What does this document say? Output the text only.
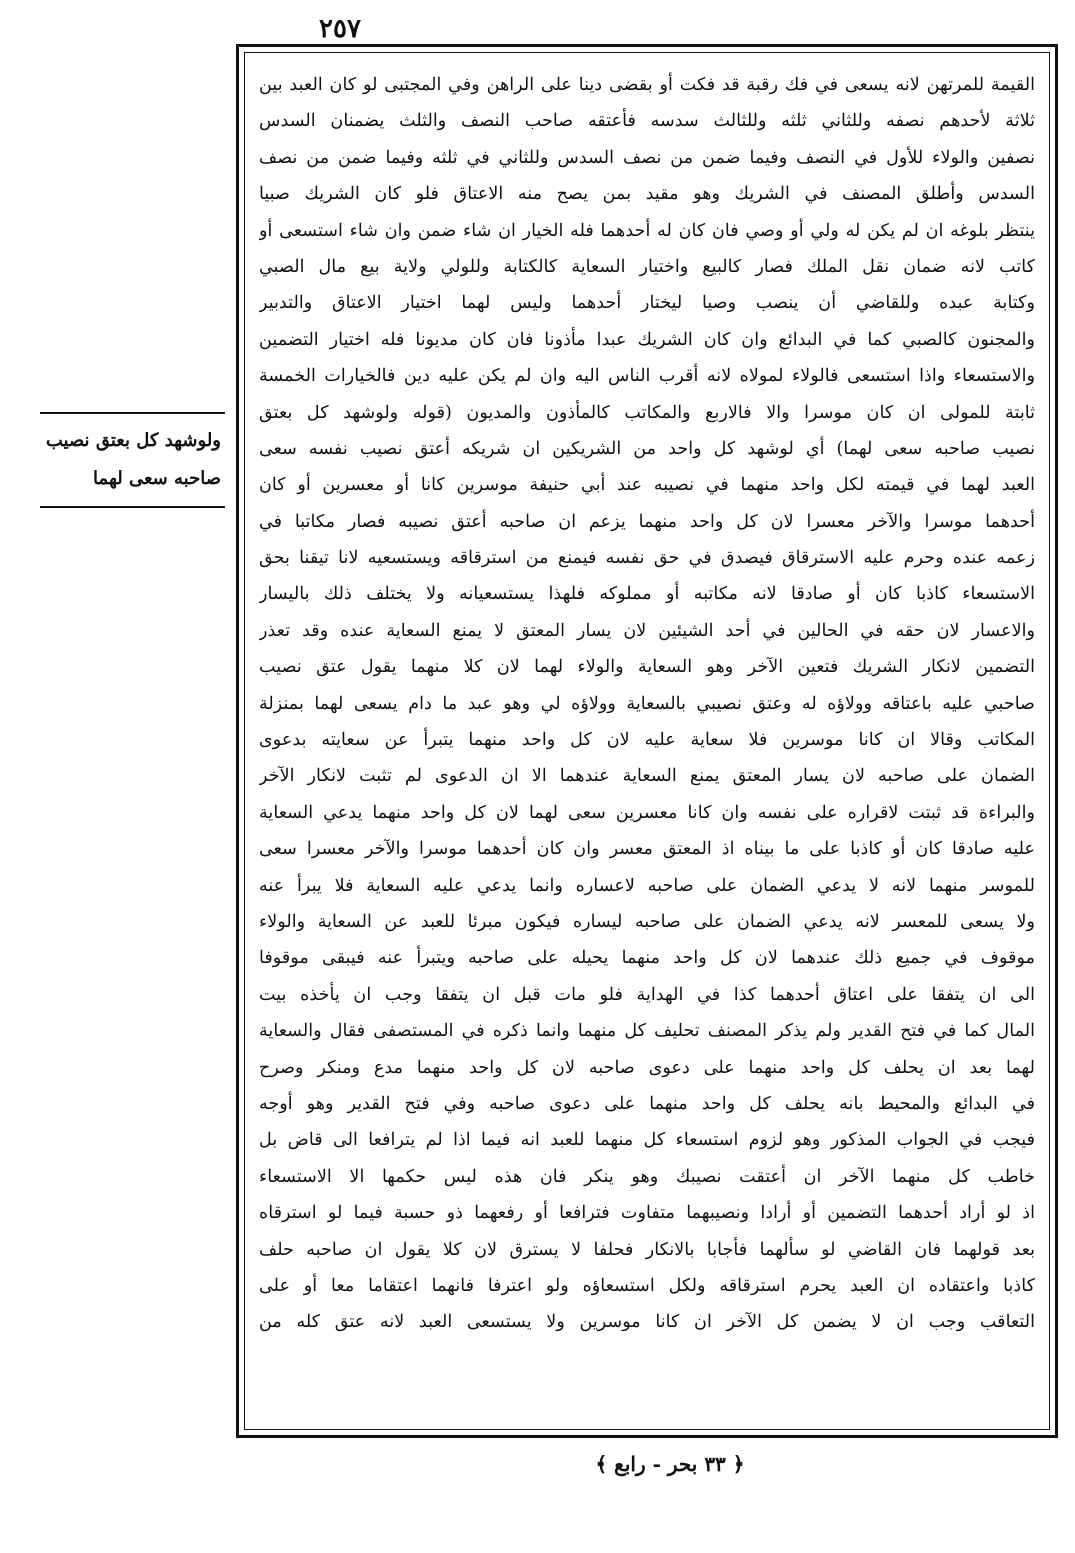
٢٥٧
ولوشهد كل بعتق نصيب
صاحبه سعى لهما
القيمة للمرتهن لانه يسعى في فك رقبة قد فكت أو بقضى دينا على الراهن وفي المجتبى لو كان العبد بين
ثلاثة لأحدهم نصفه وللثاني ثلثه وللثالث سدسه فأعتقه صاحب النصف والثلث يضمنان السدس
نصفين والولاء للأول في النصف وفيما ضمن من نصف السدس وللثاني في ثلثه وفيما ضمن من نصف
السدس وأطلق المصنف في الشريك وهو مقيد بمن يصح منه الاعتاق فلو كان الشريك صبيا
ينتظر بلوغه ان لم يكن له ولي أو وصي فان كان له أحدهما فله الخيار ان شاء ضمن وان شاء استسعى أو
كاتب لانه ضمان نقل الملك فصار كالبيع واختيار السعاية كالكتابة وللولي ولاية بيع مال الصبي
وكتابة عبده وللقاضي أن ينصب وصيا ليختار أحدهما وليس لهما اختيار الاعتاق والتدبير
والمجنون كالصبي كما في البدائع وان كان الشريك عبدا مأذونا فان كان مديونا فله اختيار التضمين
والاستسعاء واذا استسعى فالولاء لمولاه لانه أقرب الناس اليه وان لم يكن عليه دين فالخيارات الخمسة
ثابتة للمولى ان كان موسرا والا فالاربع والمكاتب كالمأذون والمديون (قوله ولوشهد كل بعتق
نصيب صاحبه سعى لهما) أي لوشهد كل واحد من الشريكين ان شريكه أعتق نصيب نفسه سعى
العبد لهما في قيمته لكل واحد منهما في نصيبه عند أبي حنيفة موسرين كانا أو معسرين أو كان
أحدهما موسرا والآخر معسرا لان كل واحد منهما يزعم ان صاحبه أعتق نصيبه فصار مكاتبا في
زعمه عنده وحرم عليه الاسترقاق فيصدق في حق نفسه فيمنع من استرقاقه ويستسعيه لانا تيقنا بحق
الاستسعاء كاذبا كان أو صادقا لانه مكاتبه أو مملوكه فلهذا يستسعيانه ولا يختلف ذلك باليسار
والاعسار لان حقه في الحالين في أحد الشيئين لان يسار المعتق لا يمنع السعاية عنده وقد تعذر
التضمين لانكار الشريك فتعين الآخر وهو السعاية والولاء لهما لان كلا منهما يقول عتق نصيب
صاحبي عليه باعتاقه وولاؤه له وعتق نصيبي بالسعاية وولاؤه لي وهو عبد ما دام يسعى لهما بمنزلة
المكاتب وقالا ان كانا موسرين فلا سعاية عليه لان كل واحد منهما يتبرأ عن سعايته بدعوى
الضمان على صاحبه لان يسار المعتق يمنع السعاية عندهما الا ان الدعوى لم تثبت لانكار الآخر
والبراءة قد ثبتت لاقراره على نفسه وان كانا معسرين سعى لهما لان كل واحد منهما يدعي السعاية
عليه صادقا كان أو كاذبا على ما بيناه اذ المعتق معسر وان كان أحدهما موسرا والآخر معسرا سعى
للموسر منهما لانه لا يدعي الضمان على صاحبه لاعساره وانما يدعي عليه السعاية فلا يبرأ عنه
ولا يسعى للمعسر لانه يدعي الضمان على صاحبه ليساره فيكون مبرئا للعبد عن السعاية والولاء
موقوف في جميع ذلك عندهما لان كل واحد منهما يحيله على صاحبه ويتبرأ عنه فيبقى موقوفا
الى ان يتفقا على اعتاق أحدهما كذا في الهداية فلو مات قبل ان يتفقا وجب ان يأخذه بيت
المال كما في فتح القدير ولم يذكر المصنف تحليف كل منهما وانما ذكره في المستصفى فقال والسعاية
لهما بعد ان يحلف كل واحد منهما على دعوى صاحبه لان كل واحد منهما مدع ومنكر وصرح
في البدائع والمحيط بانه يحلف كل واحد منهما على دعوى صاحبه وفي فتح القدير وهو أوجه
فيجب في الجواب المذكور وهو لزوم استسعاء كل منهما للعبد انه فيما اذا لم يترافعا الى قاض بل
خاطب كل منهما الآخر ان أعتقت نصيبك وهو ينكر فان هذه ليس حكمها الا الاستسعاء
اذ لو أراد أحدهما التضمين أو أرادا ونصيبهما متفاوت فترافعا أو رفعهما ذو حسبة فيما لو استرقاه
بعد قولهما فان القاضي لو سألهما فأجابا بالانكار فحلفا لا يسترق لان كلا يقول ان صاحبه حلف
كاذبا واعتقاده ان العبد يحرم استرقاقه ولكل استسعاؤه ولو اعترفا فانهما اعتقاما معا أو على
التعاقب وجب ان لا يضمن كل الآخر ان كانا موسرين ولا يستسعى العبد لانه عتق كله من
﴿ ٣٣ بحر - رابع ﴾
